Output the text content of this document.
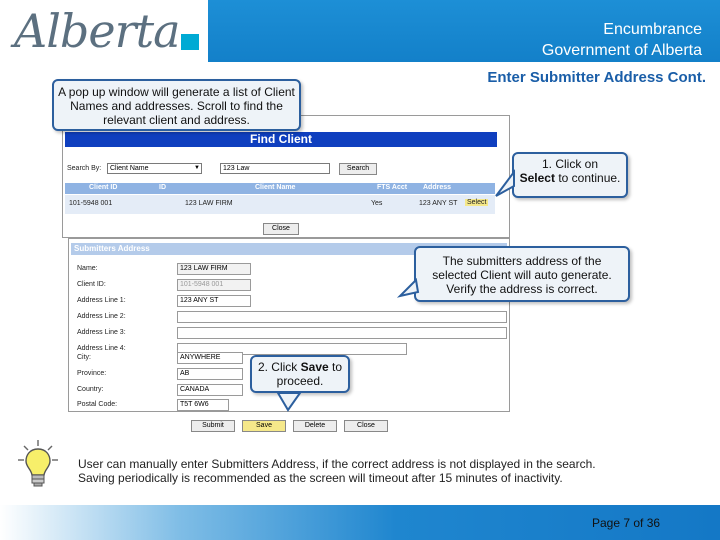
Alberta	Encumbrance
Government of Alberta
Enter Submitter Address Cont.
Find Client
Search By:	Client Name	▼	123 Law	Search
Client ID	ID	Client Name	FTS Acct Address
101-5948 001	123 LAW FIRM	Yes	123 ANY ST Select
Close
Submitters Address
Name:	123 LAW FIRM
Client ID:	101-5948 001
Address Line 1:	123 ANY ST
Address Line 2:
Address Line 3:
Address Line 4:
City:	ANYWHERE
Province:	AB
Country:	CANADA
Postal Code:	T5T 6W6
Submit	Save	Delete	Close
A pop up window will generate a list of Client Names and addresses. Scroll to find the relevant client and address.
1. Click on
Select to continue.
The submitters address of the selected Client will auto generate. Verify the address is correct.
2. Click Save to
proceed.
User can manually enter Submitters Address, if the correct address is not displayed in the search.
Saving periodically is recommended as the screen will timeout after 15 minutes of inactivity.
Page 7 of 36
